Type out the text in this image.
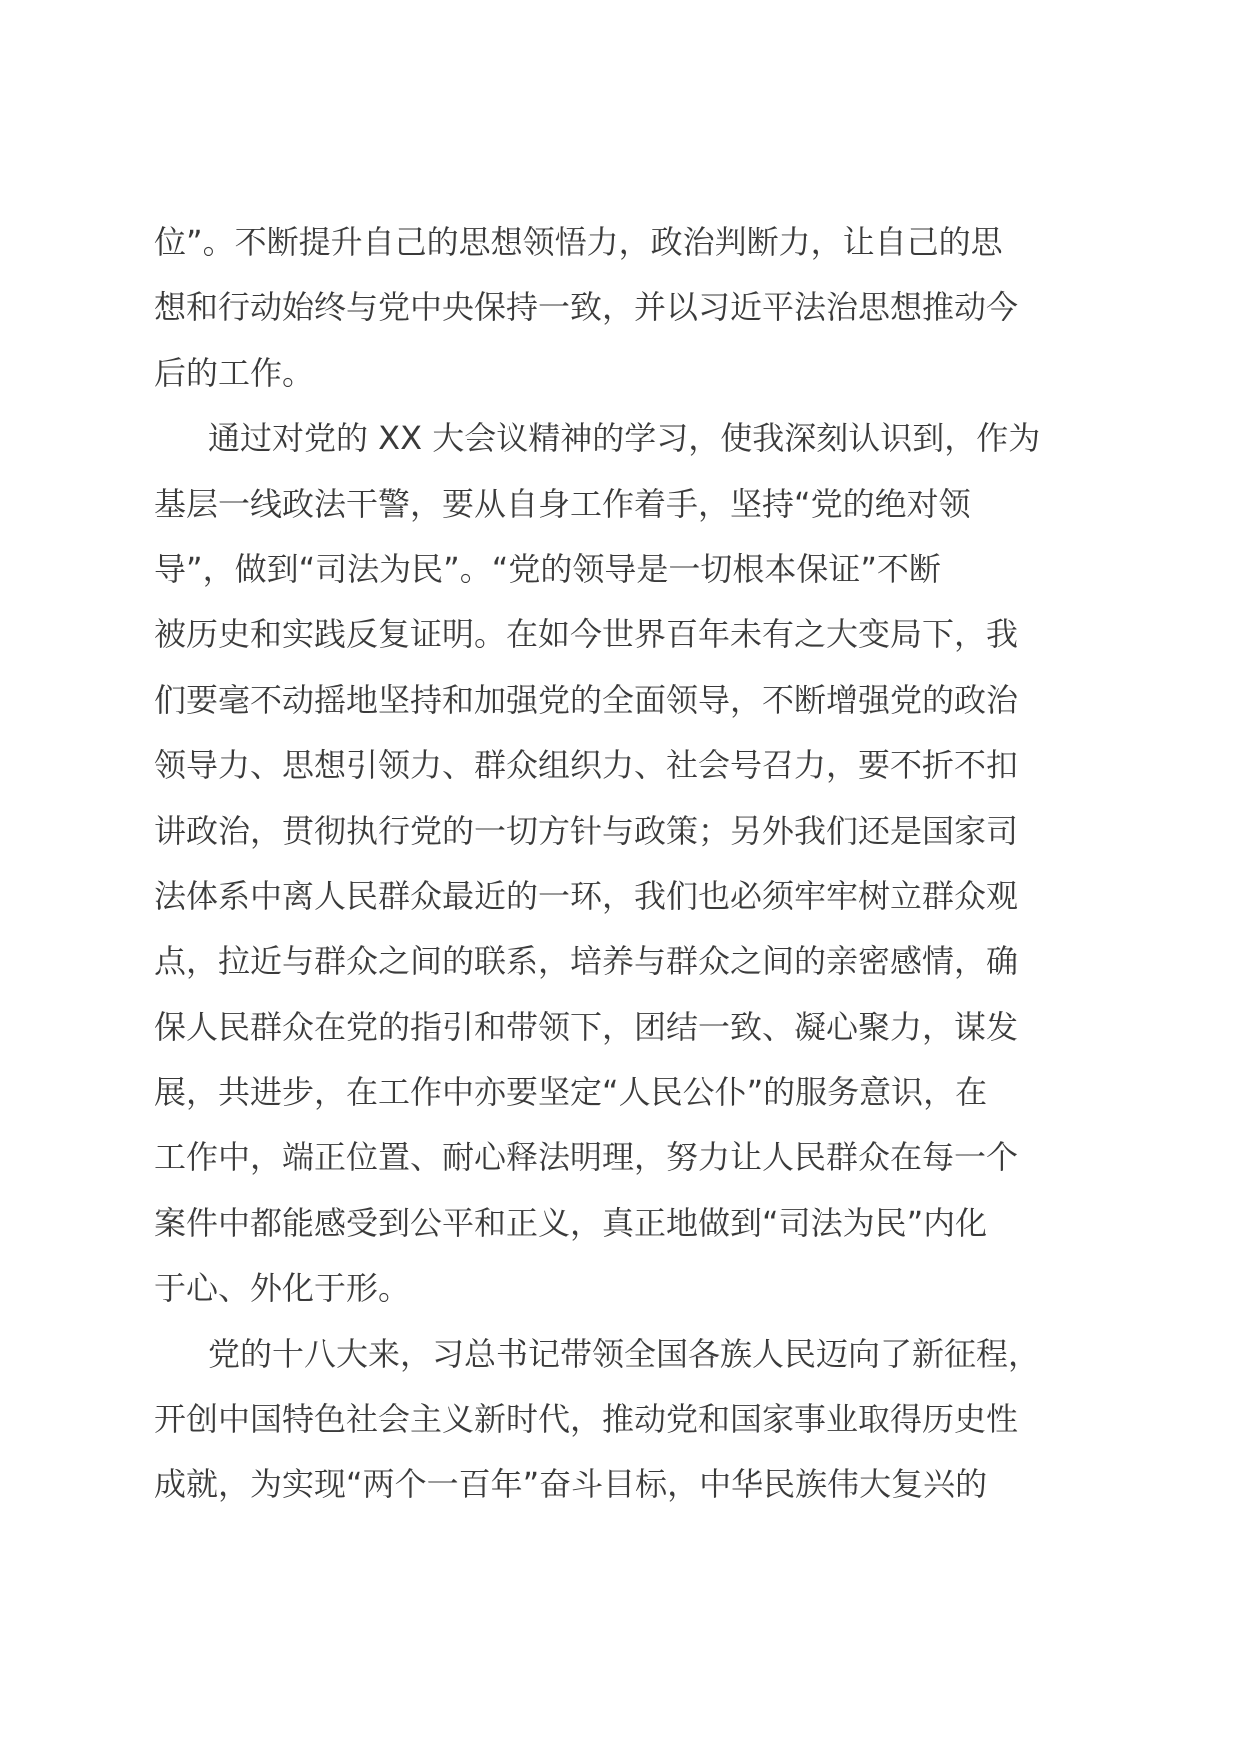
位”。不断提升自己的思想领悟力，政治判断力，让自己的思
想和行动始终与党中央保持一致，并以习近平法治思想推动今
后的工作。
通过对党的 XX 大会议精神的学习，使我深刻认识到，作为
基层一线政法干警，要从自身工作着手，坚持“党的绝对领
导”，做到“司法为民”。“党的领导是一切根本保证”不断
被历史和实践反复证明。在如今世界百年未有之大变局下，我
们要毫不动摇地坚持和加强党的全面领导，不断增强党的政治
领导力、思想引领力、群众组织力、社会号召力，要不折不扣
讲政治，贯彻执行党的一切方针与政策；另外我们还是国家司
法体系中离人民群众最近的一环，我们也必须牢牢树立群众观
点，拉近与群众之间的联系，培养与群众之间的亲密感情，确
保人民群众在党的指引和带领下，团结一致、凝心聚力，谋发
展，共进步，在工作中亦要坚定“人民公仆”的服务意识，在
工作中，端正位置、耐心释法明理，努力让人民群众在每一个
案件中都能感受到公平和正义，真正地做到“司法为民”内化
于心、外化于形。
党的十八大来，习总书记带领全国各族人民迈向了新征程，
开创中国特色社会主义新时代，推动党和国家事业取得历史性
成就，为实现“两个一百年”奋斗目标，中华民族伟大复兴的
